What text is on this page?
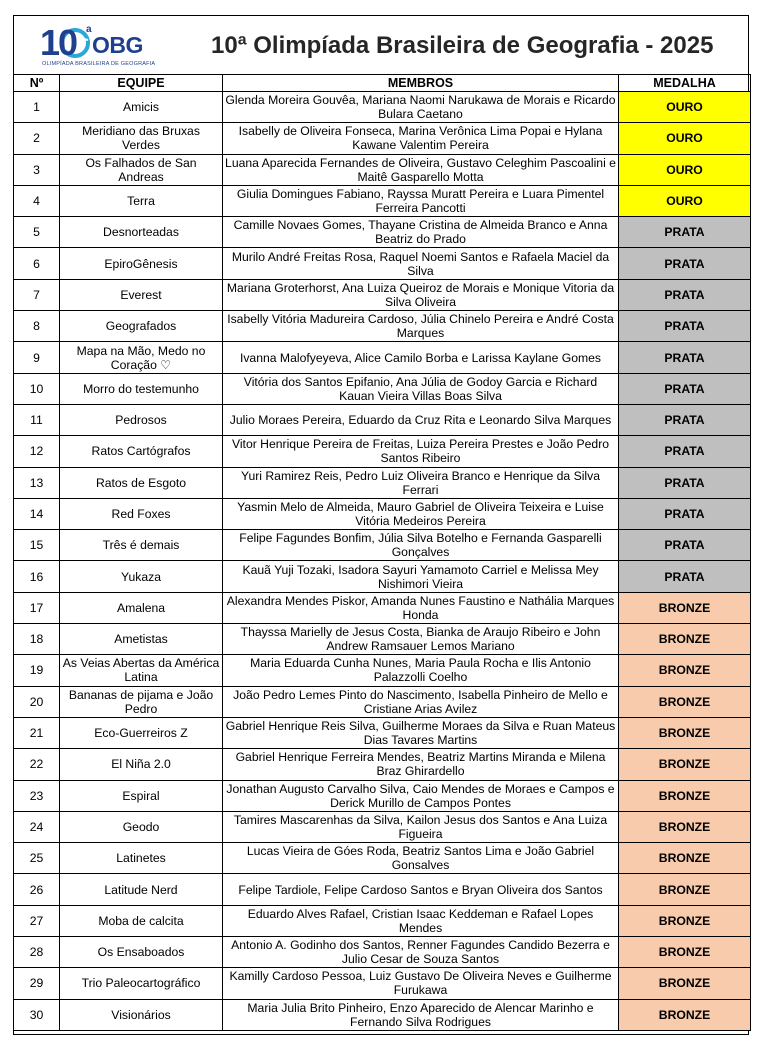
10 a
OBG
OLIMPÍADA BRASILEIRA DE GEOGRAFIA
10ª Olimpíada Brasileira de Geografia - 2025
Nº	EQUIPE	MEMBROS	MEDALHA
1	Amicis	Glenda Moreira Gouvêa, Mariana Naomi Narukawa de Morais e Ricardo Bulara Caetano	OURO
2	Meridiano das Bruxas Verdes	Isabelly de Oliveira Fonseca, Marina Verônica Lima Popai e Hylana Kawane Valentim Pereira	OURO
3	Os Falhados de San Andreas	Luana Aparecida Fernandes de Oliveira, Gustavo Celeghim Pascoalini e Maitê Gasparello Motta	OURO
4	Terra	Giulia Domingues Fabiano, Rayssa Muratt Pereira e Luara Pimentel Ferreira Pancotti	OURO
5	Desnorteadas	Camille Novaes Gomes, Thayane Cristina de Almeida Branco e Anna Beatriz do Prado	PRATA
6	EpiroGênesis	Murilo André Freitas Rosa, Raquel Noemi Santos e Rafaela Maciel da Silva	PRATA
7	Everest	Mariana Groterhorst, Ana Luiza Queiroz de Morais e Monique Vitoria da Silva Oliveira	PRATA
8	Geografados	Isabelly Vitória Madureira Cardoso, Júlia Chinelo Pereira e André Costa Marques	PRATA
9	Mapa na Mão, Medo no Coração ♡	Ivanna Malofyeyeva, Alice Camilo Borba e Larissa Kaylane Gomes	PRATA
10	Morro do testemunho	Vitória dos Santos Epifanio, Ana Júlia de Godoy Garcia e Richard Kauan Vieira Villas Boas Silva	PRATA
11	Pedrosos	Julio Moraes Pereira, Eduardo da Cruz Rita e Leonardo Silva Marques	PRATA
12	Ratos Cartógrafos	Vitor Henrique Pereira de Freitas, Luiza Pereira Prestes e João Pedro Santos Ribeiro	PRATA
13	Ratos de Esgoto	Yuri Ramirez Reis, Pedro Luiz Oliveira Branco e Henrique da Silva Ferrari	PRATA
14	Red Foxes	Yasmin Melo de Almeida, Mauro Gabriel de Oliveira Teixeira e Luise Vitória Medeiros Pereira	PRATA
15	Três é demais	Felipe Fagundes Bonfim, Júlia Silva Botelho e Fernanda Gasparelli Gonçalves	PRATA
16	Yukaza	Kauã Yuji Tozaki, Isadora Sayuri Yamamoto Carriel e Melissa Mey Nishimori Vieira	PRATA
17	Amalena	Alexandra Mendes Piskor, Amanda Nunes Faustino e Nathália Marques Honda	BRONZE
18	Ametistas	Thayssa Marielly de Jesus Costa, Bianka de Araujo Ribeiro e John Andrew Ramsauer Lemos Mariano	BRONZE
19	As Veias Abertas da América Latina	Maria Eduarda Cunha Nunes, Maria Paula Rocha e Ilis Antonio Palazzolli Coelho	BRONZE
20	Bananas de pijama e João Pedro	João Pedro Lemes Pinto do Nascimento, Isabella Pinheiro de Mello e Cristiane Arias Avilez	BRONZE
21	Eco-Guerreiros Z	Gabriel Henrique Reis Silva, Guilherme Moraes da Silva e Ruan Mateus Dias Tavares Martins	BRONZE
22	El Niña 2.0	Gabriel Henrique Ferreira Mendes, Beatriz Martins Miranda e Milena Braz Ghirardello	BRONZE
23	Espiral	Jonathan Augusto Carvalho Silva, Caio Mendes de Moraes e Campos e Derick Murillo de Campos Pontes	BRONZE
24	Geodo	Tamires Mascarenhas da Silva, Kailon Jesus dos Santos e Ana Luiza Figueira	BRONZE
25	Latinetes	Lucas Vieira de Góes Roda, Beatriz Santos Lima e João Gabriel Gonsalves	BRONZE
26	Latitude Nerd	Felipe Tardiole, Felipe Cardoso Santos e Bryan Oliveira dos Santos	BRONZE
27	Moba de calcita	Eduardo Alves Rafael, Cristian Isaac Keddeman e Rafael Lopes Mendes	BRONZE
28	Os Ensaboados	Antonio A. Godinho dos Santos, Renner Fagundes Candido Bezerra e Julio Cesar de Souza Santos	BRONZE
29	Trio Paleocartográfico	Kamilly Cardoso Pessoa, Luiz Gustavo De Oliveira Neves e Guilherme Furukawa	BRONZE
30	Visionários	Maria Julia Brito Pinheiro, Enzo Aparecido de Alencar Marinho e Fernando Silva Rodrigues	BRONZE
